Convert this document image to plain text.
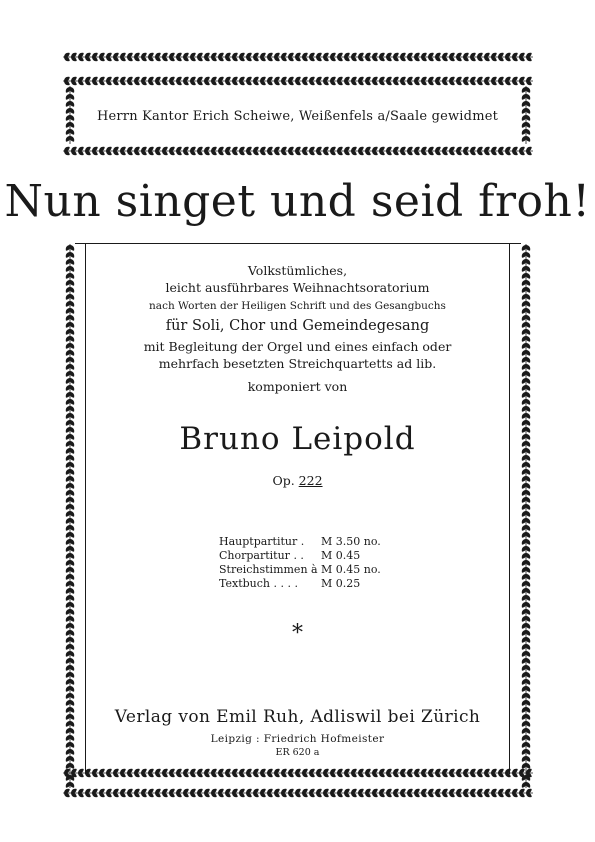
Herrn Kantor Erich Scheiwe, Weißenfels a/Saale gewidmet
Nun singet und seid froh!
Volkstümliches,
leicht ausführbares Weihnachtsoratorium
nach Worten der Heiligen Schrift und des Gesangbuchs
für Soli, Chor und Gemeindegesang
mit Begleitung der Orgel und eines einfach oder
mehrfach besetzten Streichquartetts ad lib.
komponiert von
Bruno Leipold
Op. 222
Hauptpartitur .	M 3.50 no.
Chorpartitur . .	M 0.45
Streichstimmen à M 0.45 no.
Textbuch . . . .	M 0.25
*
Verlag von Emil Ruh, Adliswil bei Zürich
Leipzig : Friedrich Hofmeister
ER 620 a
